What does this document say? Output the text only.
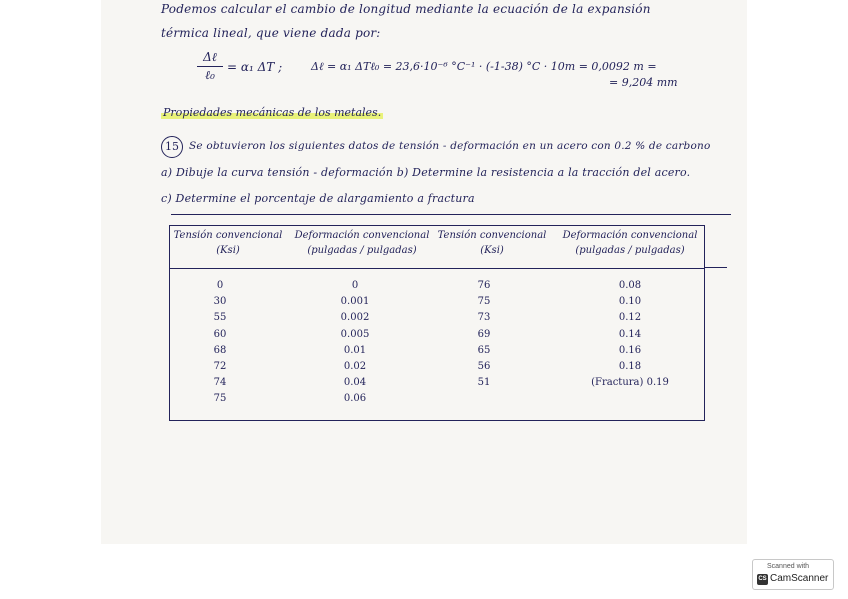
Podemos calcular el cambio de longitud mediante la ecuación de la expansión
térmica lineal, que viene dada por:
Δℓ
ℓ₀
= α₁ ΔT ;	Δℓ = α₁ ΔTℓ₀ = 23,6·10⁻⁶ °C⁻¹ · (-1-38) °C · 10m = 0,0092 m =
= 9,204 mm
Propiedades mecánicas de los metales.
15 Se obtuvieron los siguientes datos de tensión - deformación en un acero con 0.2 % de carbono
a) Dibuje la curva tensión - deformación b) Determine la resistencia a la tracción del acero.
c) Determine el porcentaje de alargamiento a fractura
Tensión convencional
(Ksi)
Deformación convencional
(pulgadas / pulgadas)
Tensión convencional
(Ksi)
Deformación convencional
(pulgadas / pulgadas)
0
30
55
60
68
72
74
75
0
0.001
0.002
0.005
0.01
0.02
0.04
0.06
76
75
73
69
65
56
51
0.08
0.10
0.12
0.14
0.16
0.18
(Fractura) 0.19
Scanned with
CS CamScanner
